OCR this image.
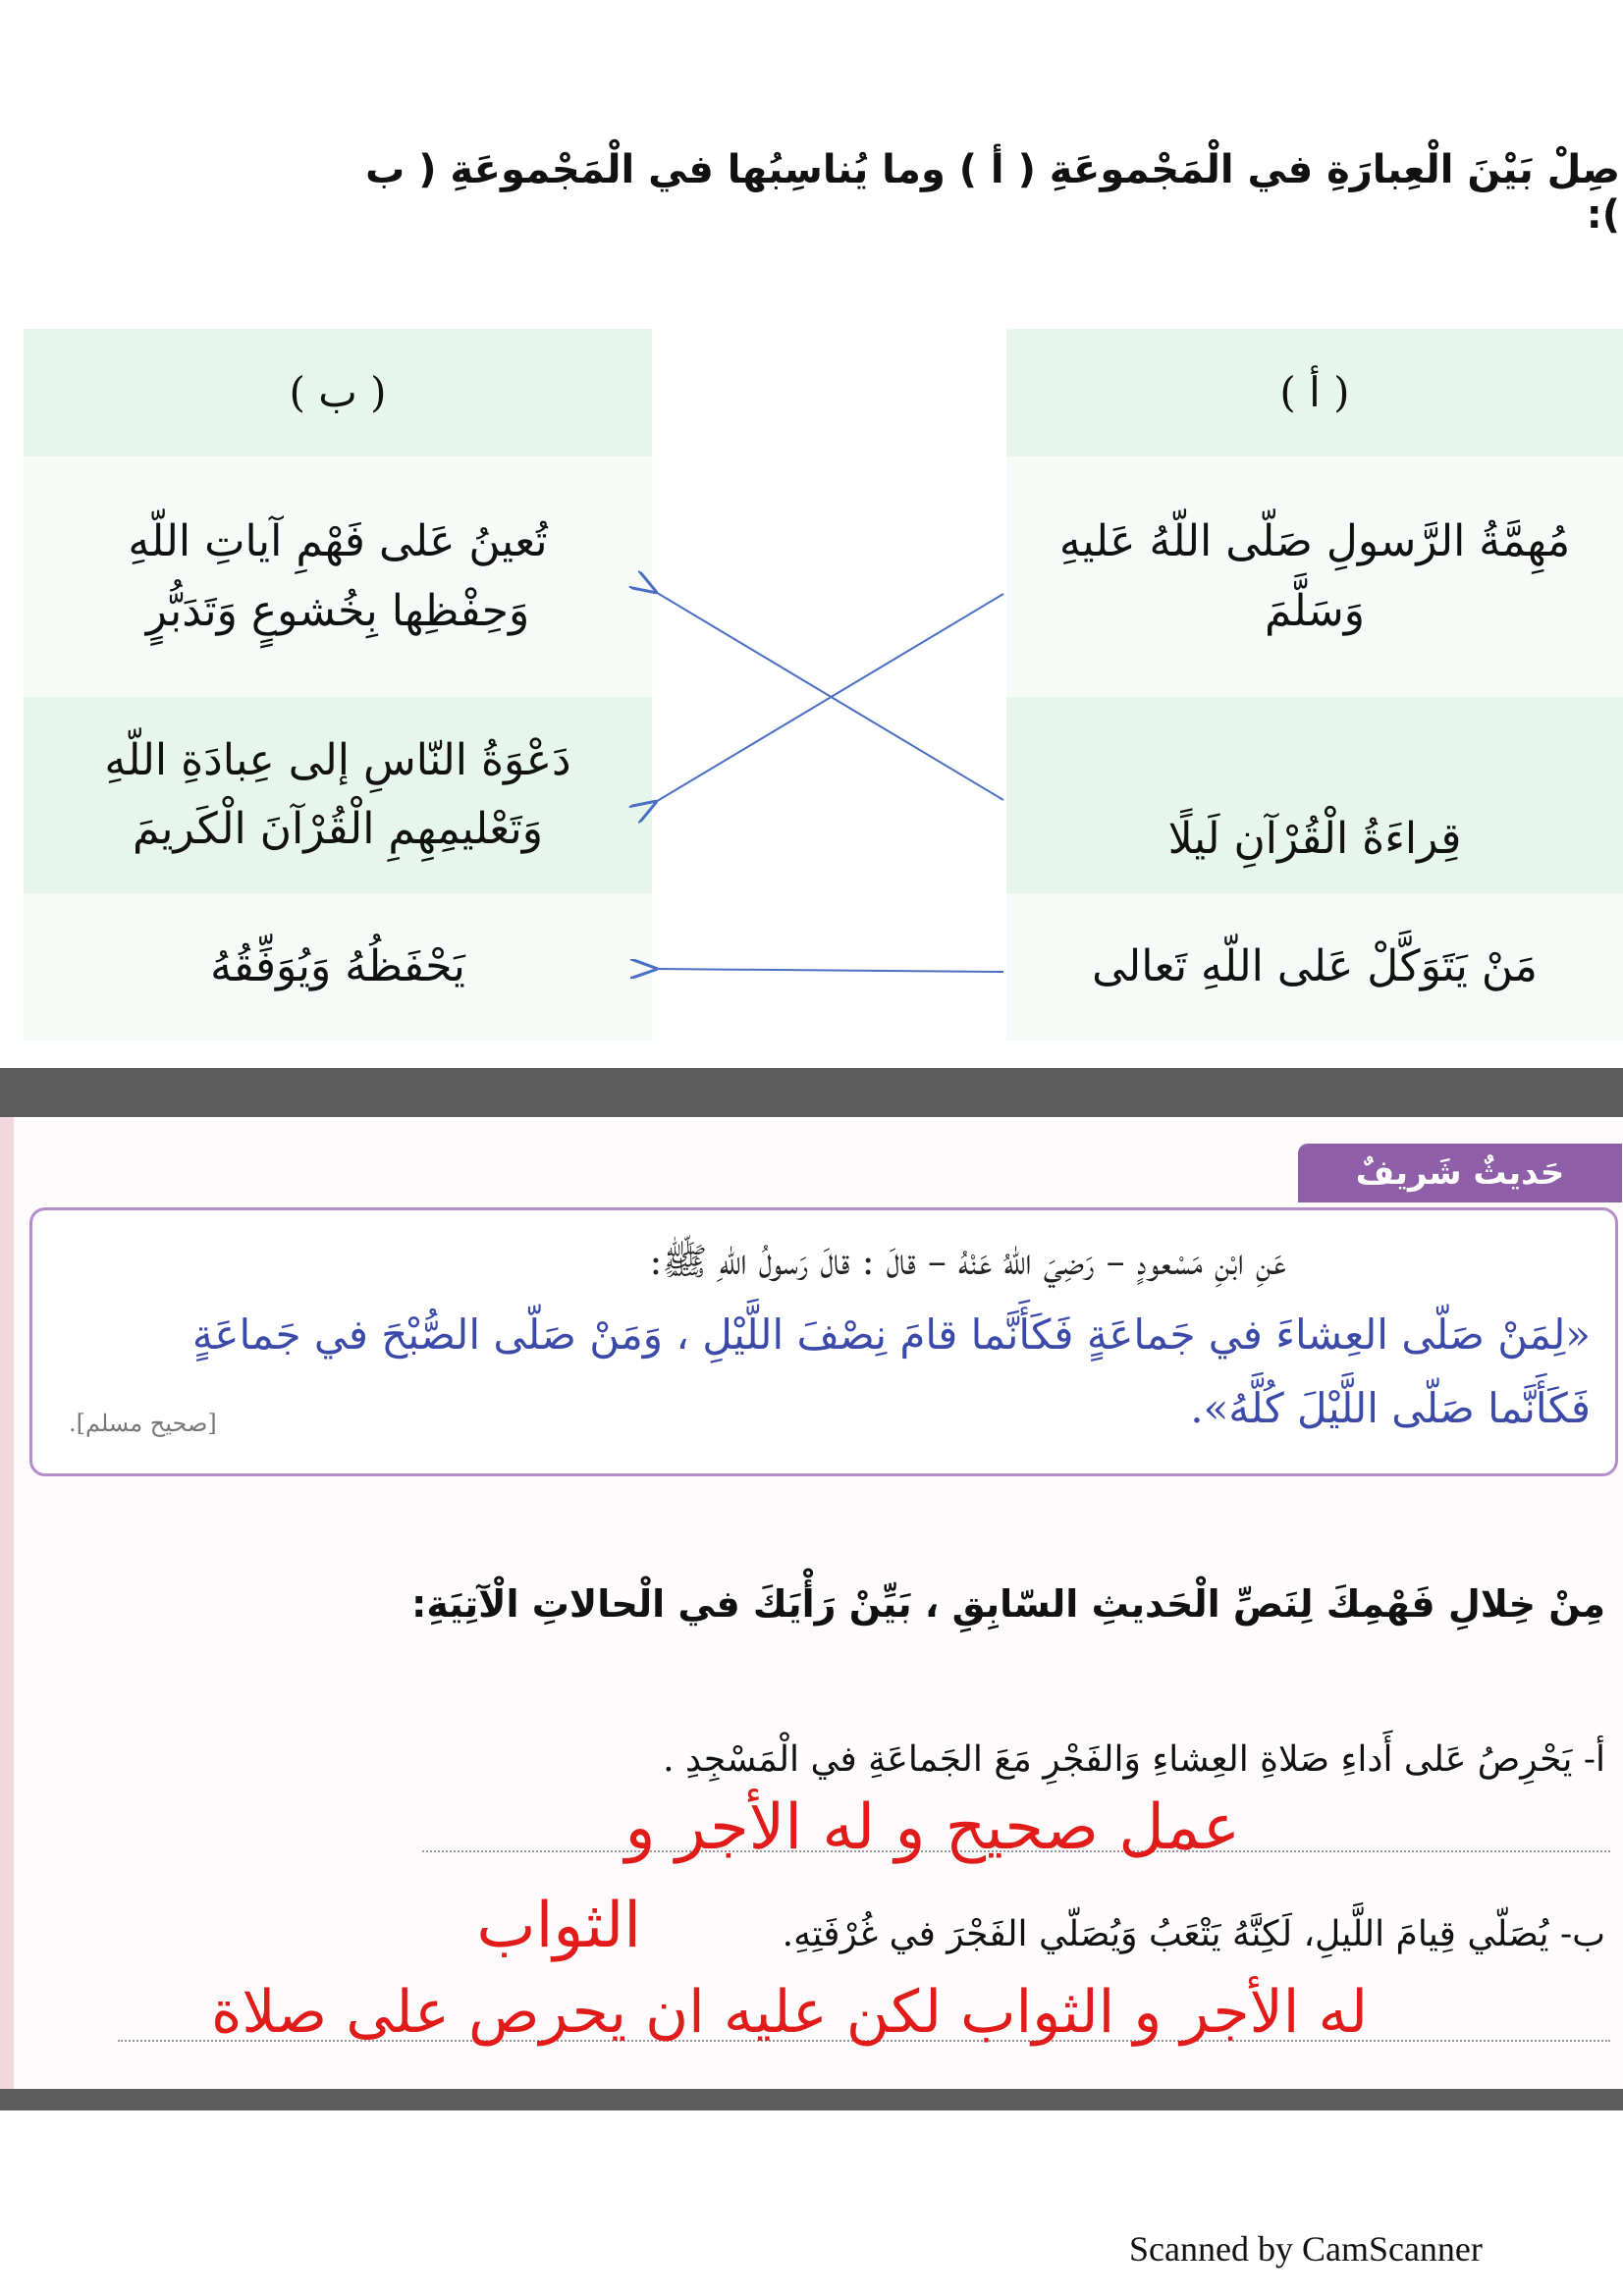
صِلْ بَيْنَ الْعِبارَةِ في الْمَجْموعَةِ ( أ ) وما يُناسِبُها في الْمَجْموعَةِ ( ب ):
( ب )	( أ )
تُعينُ عَلى فَهْمِ آياتِ اللّهِ وَحِفْظِها بِخُشوعٍ وَتَدَبُّرٍ
دَعْوَةُ النّاسِ إلى عِبادَةِ اللّهِ وَتَعْليمِهِمِ الْقُرْآنَ الْكَريمَ
يَحْفَظُهُ وَيُوَفِّقُهُ
مُهِمَّةُ الرَّسولِ صَلّى اللّهُ عَليهِ وَسَلَّمَ
قِراءَةُ الْقُرْآنِ لَيلًا
مَنْ يَتَوَكَّلْ عَلى اللّهِ تَعالى
حَديثٌ شَريفٌ
عَنِ ابْنِ مَسْعودٍ – رَضِيَ اللّهُ عَنْهُ – قالَ : قالَ رَسولُ اللّهِ ﷺ:
«لِمَنْ صَلّى العِشاءَ في جَماعَةٍ فَكَأَنَّما قامَ نِصْفَ اللَّيْلِ ، وَمَنْ صَلّى الصُّبْحَ في جَماعَةٍ
فَكَأَنَّما صَلّى اللَّيْلَ كُلَّهُ».
[صحيح مسلم].
مِنْ خِلالِ فَهْمِكَ لِنَصِّ الْحَديثِ السّابِقِ ، بَيِّنْ رَأْيَكَ في الْحالاتِ الْآتِيَةِ:
أ- يَحْرِصُ عَلى أَداءِ صَلاةِ العِشاءِ وَالفَجْرِ مَعَ الجَماعَةِ في الْمَسْجِدِ .
عمل صحيح و له الأجر و
الثواب	ب- يُصَلّي قِيامَ اللَّيلِ، لَكِنَّهُ يَتْعَبُ وَيُصَلّي الفَجْرَ في غُرْفَتِهِ.
له الأجر و الثواب لكن عليه ان يحرص على صلاة
Scanned by CamScanner
